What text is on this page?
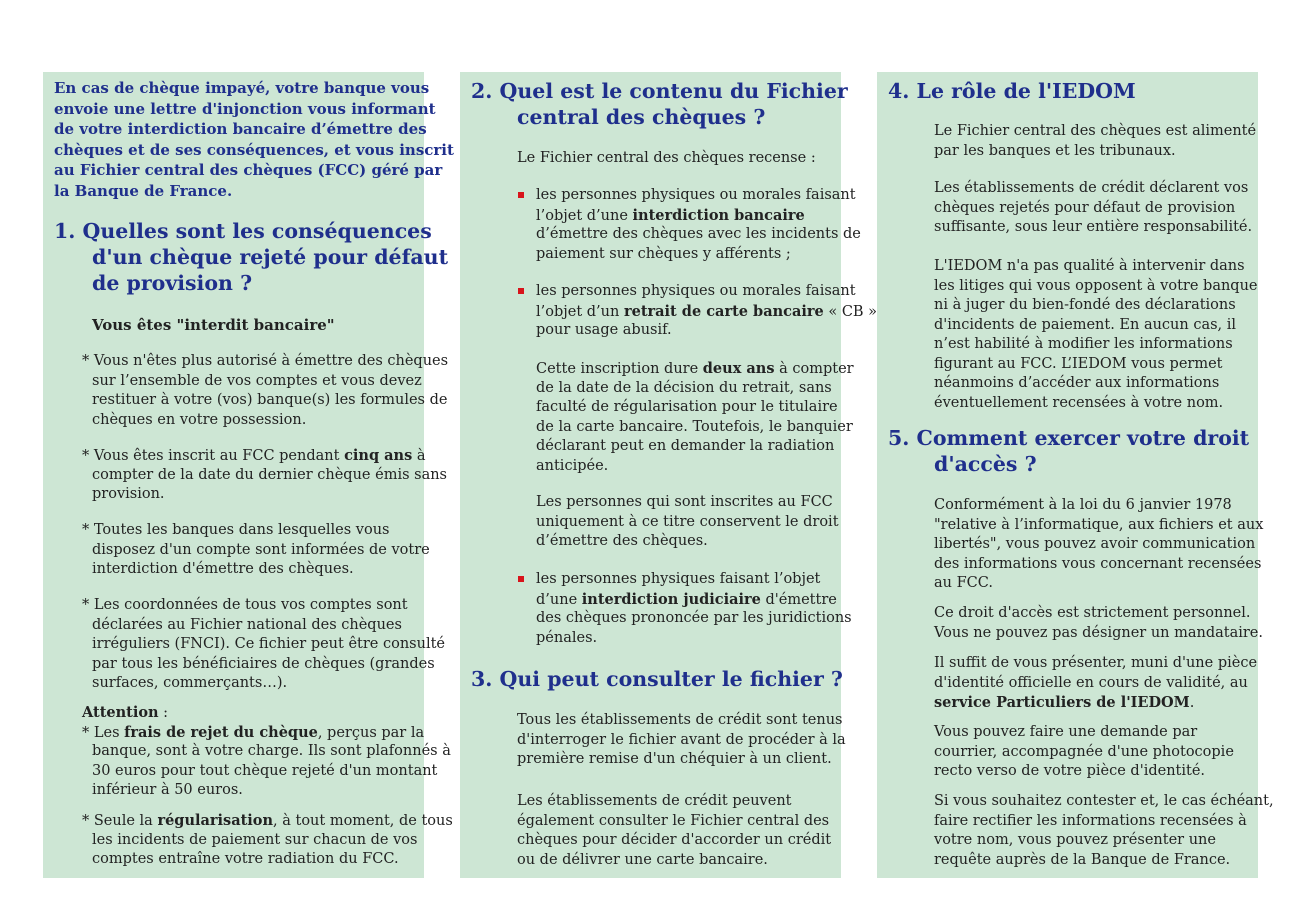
En cas de chèque impayé, votre banque vous

envoie une lettre d'injonction vous informant

de votre interdiction bancaire d’émettre des

chèques et de ses conséquences, et vous inscrit

au Fichier central des chèques (FCC) géré par

la Banque de France.

1. Quelles sont les conséquences

d'un chèque rejeté pour défaut

de provision ?

Vous êtes "interdit bancaire"

* Vous n'êtes plus autorisé à émettre des chèques

sur l’ensemble de vos comptes et vous devez

restituer à votre (vos) banque(s) les formules de

chèques en votre possession.

* Vous êtes inscrit au FCC pendant cinq ans à

compter de la date du dernier chèque émis sans

provision.

* Toutes les banques dans lesquelles vous

disposez d'un compte sont informées de votre

interdiction d'émettre des chèques.

* Les coordonnées de tous vos comptes sont

déclarées au Fichier national des chèques

irréguliers (FNCI). Ce fichier peut être consulté

par tous les bénéficiaires de chèques (grandes

surfaces, commerçants…).

Attention :

* Les frais de rejet du chèque, perçus par la

banque, sont à votre charge. Ils sont plafonnés à

30 euros pour tout chèque rejeté d'un montant

inférieur à 50 euros.

* Seule la régularisation, à tout moment, de tous

les incidents de paiement sur chacun de vos

comptes entraîne votre radiation du FCC.

2. Quel est le contenu du Fichier

central des chèques ?

Le Fichier central des chèques recense :

les personnes physiques ou morales faisant

l’objet d’une interdiction bancaire

d’émettre des chèques avec les incidents de

paiement sur chèques y afférents ;

les personnes physiques ou morales faisant

l’objet d’un retrait de carte bancaire « CB »

pour usage abusif.

Cette inscription dure deux ans à compter

de la date de la décision du retrait, sans

faculté de régularisation pour le titulaire

de la carte bancaire. Toutefois, le banquier

déclarant peut en demander la radiation

anticipée.

Les personnes qui sont inscrites au FCC

uniquement à ce titre conservent le droit

d’émettre des chèques.

les personnes physiques faisant l’objet

d’une interdiction judiciaire d'émettre

des chèques prononcée par les juridictions

pénales.

3. Qui peut consulter le fichier ?

Tous les établissements de crédit sont tenus

d'interroger le fichier avant de procéder à la

première remise d'un chéquier à un client.

Les établissements de crédit peuvent

également consulter le Fichier central des

chèques pour décider d'accorder un crédit

ou de délivrer une carte bancaire.

4. Le rôle de l'IEDOM

Le Fichier central des chèques est alimenté

par les banques et les tribunaux.

Les établissements de crédit déclarent vos

chèques rejetés pour défaut de provision

suffisante, sous leur entière responsabilité.

L'IEDOM n'a pas qualité à intervenir dans

les litiges qui vous opposent à votre banque

ni à juger du bien-fondé des déclarations

d'incidents de paiement. En aucun cas, il

n’est habilité à modifier les informations

figurant au FCC. L’IEDOM vous permet

néanmoins d’accéder aux informations

éventuellement recensées à votre nom.

5. Comment exercer votre droit

d'accès ?

Conformément à la loi du 6 janvier 1978

"relative à l’informatique, aux fichiers et aux

libertés", vous pouvez avoir communication

des informations vous concernant recensées

au FCC.

Ce droit d'accès est strictement personnel.

Vous ne pouvez pas désigner un mandataire.

Il suffit de vous présenter, muni d'une pièce

d'identité officielle en cours de validité, au

service Particuliers de l'IEDOM.

Vous pouvez faire une demande par

courrier, accompagnée d'une photocopie

recto verso de votre pièce d'identité.

Si vous souhaitez contester et, le cas échéant,

faire rectifier les informations recensées à

votre nom, vous pouvez présenter une

requête auprès de la Banque de France.
